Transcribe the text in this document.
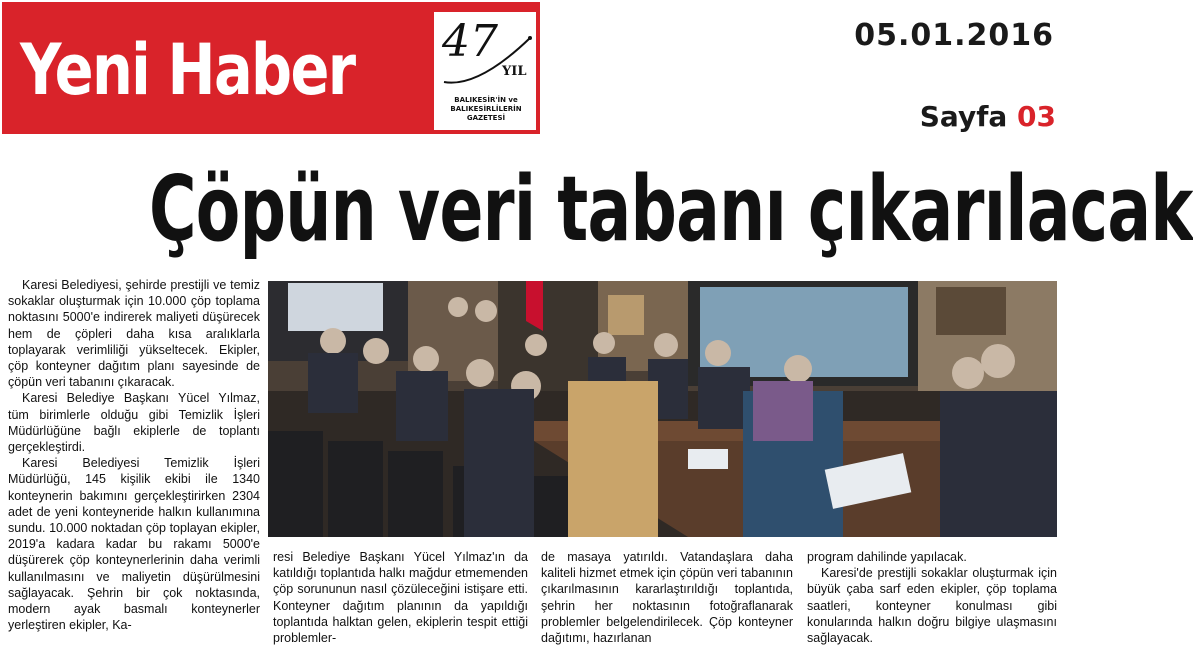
Yeni Haber 47
YIL
BALIKESİR'İN ve BALIKESİRLİLERİN GAZETESİ
05.01.2016
Sayfa 03
Çöpün veri tabanı çıkarılacak

Karesi Belediyesi, şehirde prestijli ve temiz sokaklar oluşturmak için 10.000 çöp toplama noktasını 5000'e indirerek maliyeti düşürecek hem de çöpleri daha kısa aralıklarla toplayarak verimliliği yükseltecek. Ekipler, çöp konteyner dağıtım planı sayesinde de çöpün veri tabanını çıkaracak.

Karesi Belediye Başkanı Yücel Yılmaz, tüm birimlerle olduğu gibi Temizlik İşleri Müdürlüğüne bağlı ekiplerle de toplantı gerçekleştirdi.

Karesi Belediyesi Temizlik İşleri Müdürlüğü, 145 kişilik ekibi ile 1340 konteynerin bakımını gerçekleştirirken 2304 adet de yeni konteyneride halkın kullanımına sundu. 10.000 noktadan çöp toplayan ekipler, 2019'a kadara kadar bu rakamı 5000'e düşürerek çöp konteynerlerinin daha verimli kullanılmasını ve maliyetin düşürülmesini sağlayacak. Şehrin bir çok noktasında, modern ayak basmalı konteynerler yerleştiren ekipler, Ka-

resi Belediye Başkanı Yücel Yılmaz'ın da katıldığı toplantıda halkı mağdur etmemenden çöp sorununun nasıl çözüleceğini istişare etti. Konteyner dağıtım planının da yapıldığı toplantıda halktan gelen, ekiplerin tespit ettiği problemler-

de masaya yatırıldı. Vatandaşlara daha kaliteli hizmet etmek için çöpün veri tabanının çıkarılmasının kararlaştırıldığı toplantıda, şehrin her noktasının fotoğraflanarak problemler belgelendirilecek. Çöp konteyner dağıtımı, hazırlanan

program dahilinde yapılacak.

Karesi'de prestijli sokaklar oluşturmak için büyük çaba sarf eden ekipler, çöp toplama saatleri, konteyner konulması gibi konularında halkın doğru bilgiye ulaşmasını sağlayacak.
